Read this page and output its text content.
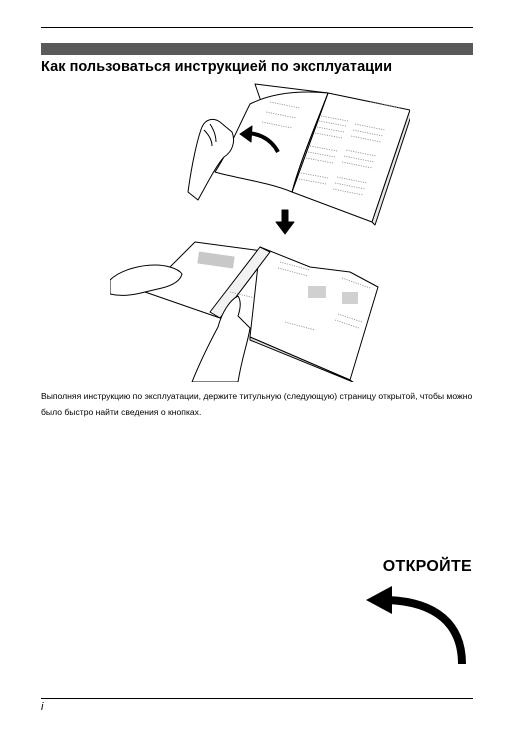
Как пользоваться инструкцией по эксплуатации

Выполняя инструкцию по эксплуатации, держите титульную (следующую) страницу открытой, чтобы можно было быстро найти сведения о кнопках.

ОТКРОЙТЕ
i
